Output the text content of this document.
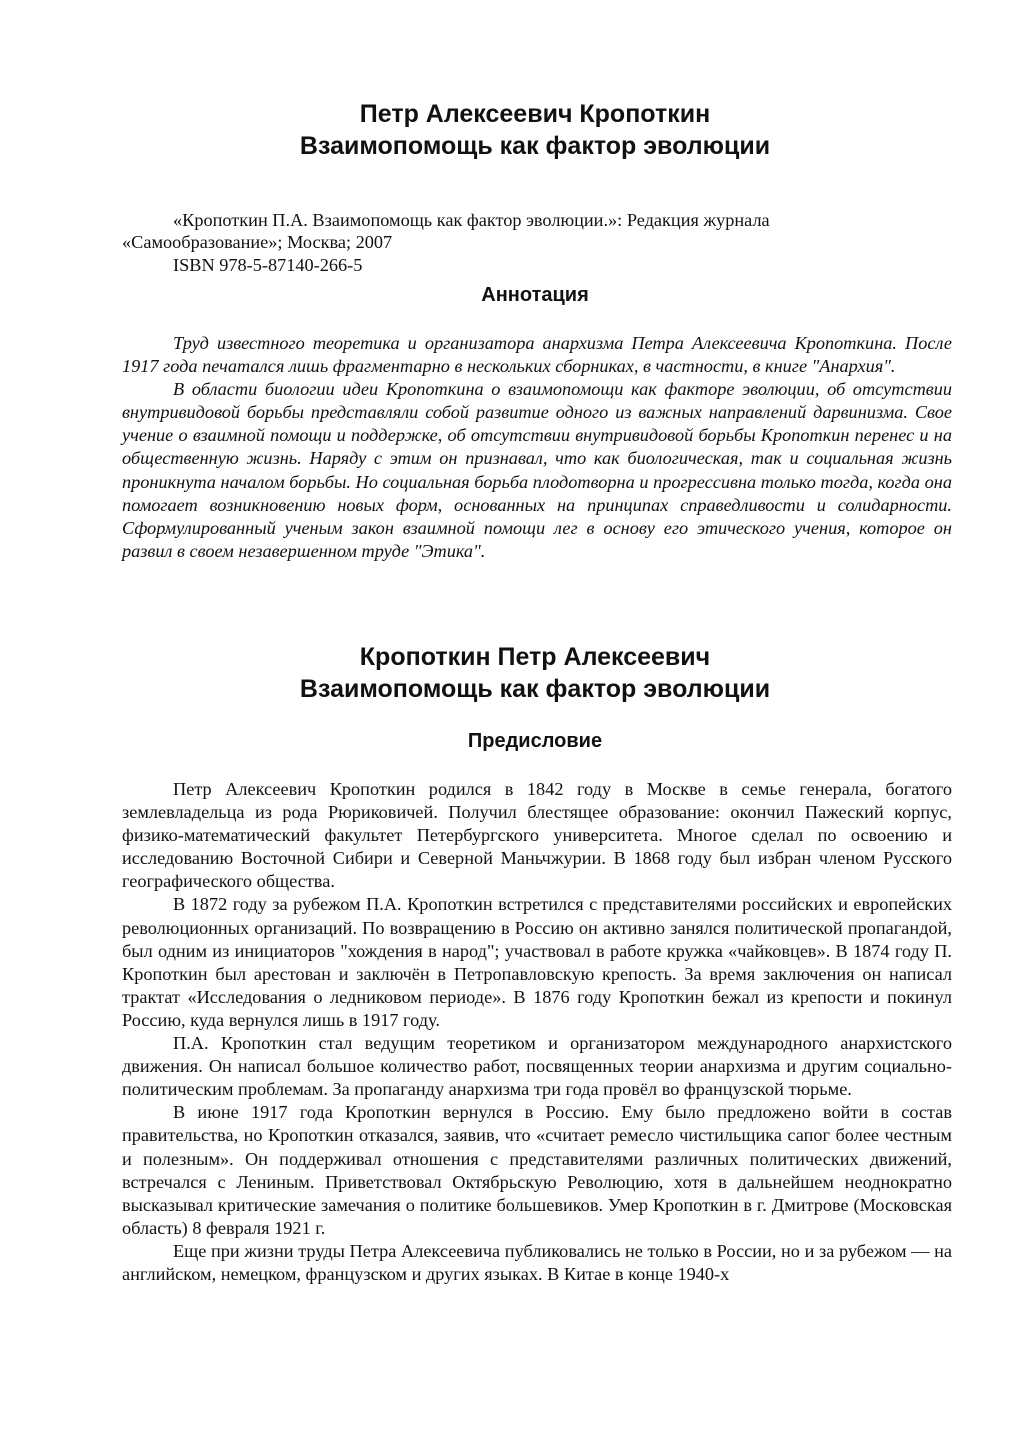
Петр Алексеевич Кропоткин
Взаимопомощь как фактор эволюции
«Кропоткин П.А. Взаимопомощь как фактор эволюции.»: Редакция журнала
«Самообразование»; Москва; 2007
ISBN 978-5-87140-266-5
Аннотация

Труд известного теоретика и организатора анархизма Петра Алексеевича Кропоткина. После 1917 года печатался лишь фрагментарно в нескольких сборниках, в частности, в книге "Анархия".

В области биологии идеи Кропоткина о взаимопомощи как факторе эволюции, об отсутствии внутривидовой борьбы представляли собой развитие одного из важных направлений дарвинизма. Свое учение о взаимной помощи и поддержке, об отсутствии внутривидовой борьбы Кропоткин перенес и на общественную жизнь. Наряду с этим он признавал, что как биологическая, так и социальная жизнь проникнута началом борьбы. Но социальная борьба плодотворна и прогрессивна только тогда, когда она помогает возникновению новых форм, основанных на принципах справедливости и солидарности. Сформулированный ученым закон взаимной помощи лег в основу его этического учения, которое он развил в своем незавершенном труде "Этика".

Кропоткин Петр Алексеевич
Взаимопомощь как фактор эволюции
Предисловие

Петр Алексеевич Кропоткин родился в 1842 году в Москве в семье генерала, богатого землевладельца из рода Рюриковичей. Получил блестящее образование: окончил Пажеский корпус, физико-математический факультет Петербургского университета. Многое сделал по освоению и исследованию Восточной Сибири и Северной Маньчжурии. В 1868 году был избран членом Русского географического общества.

В 1872 году за рубежом П.А. Кропоткин встретился с представителями российских и европейских революционных организаций. По возвращению в Россию он активно занялся политической пропагандой, был одним из инициаторов "хождения в народ"; участвовал в работе кружка «чайковцев». В 1874 году П. Кропоткин был арестован и заключён в Петропавловскую крепость. За время заключения он написал трактат «Исследования о ледниковом периоде». В 1876 году Кропоткин бежал из крепости и покинул Россию, куда вернулся лишь в 1917 году.

П.А. Кропоткин стал ведущим теоретиком и организатором международного анархистского движения. Он написал большое количество работ, посвященных теории анархизма и другим социально-политическим проблемам. За пропаганду анархизма три года провёл во французской тюрьме.

В июне 1917 года Кропоткин вернулся в Россию. Ему было предложено войти в состав правительства, но Кропоткин отказался, заявив, что «считает ремесло чистильщика сапог более честным и полезным». Он поддерживал отношения с представителями различных политических движений, встречался с Лениным. Приветствовал Октябрьскую Революцию, хотя в дальнейшем неоднократно высказывал критические замечания о политике большевиков. Умер Кропоткин в г. Дмитрове (Московская область) 8 февраля 1921 г.

Еще при жизни труды Петра Алексеевича публиковались не только в России, но и за рубежом — на английском, немецком, французском и других языках. В Китае в конце 1940-х
